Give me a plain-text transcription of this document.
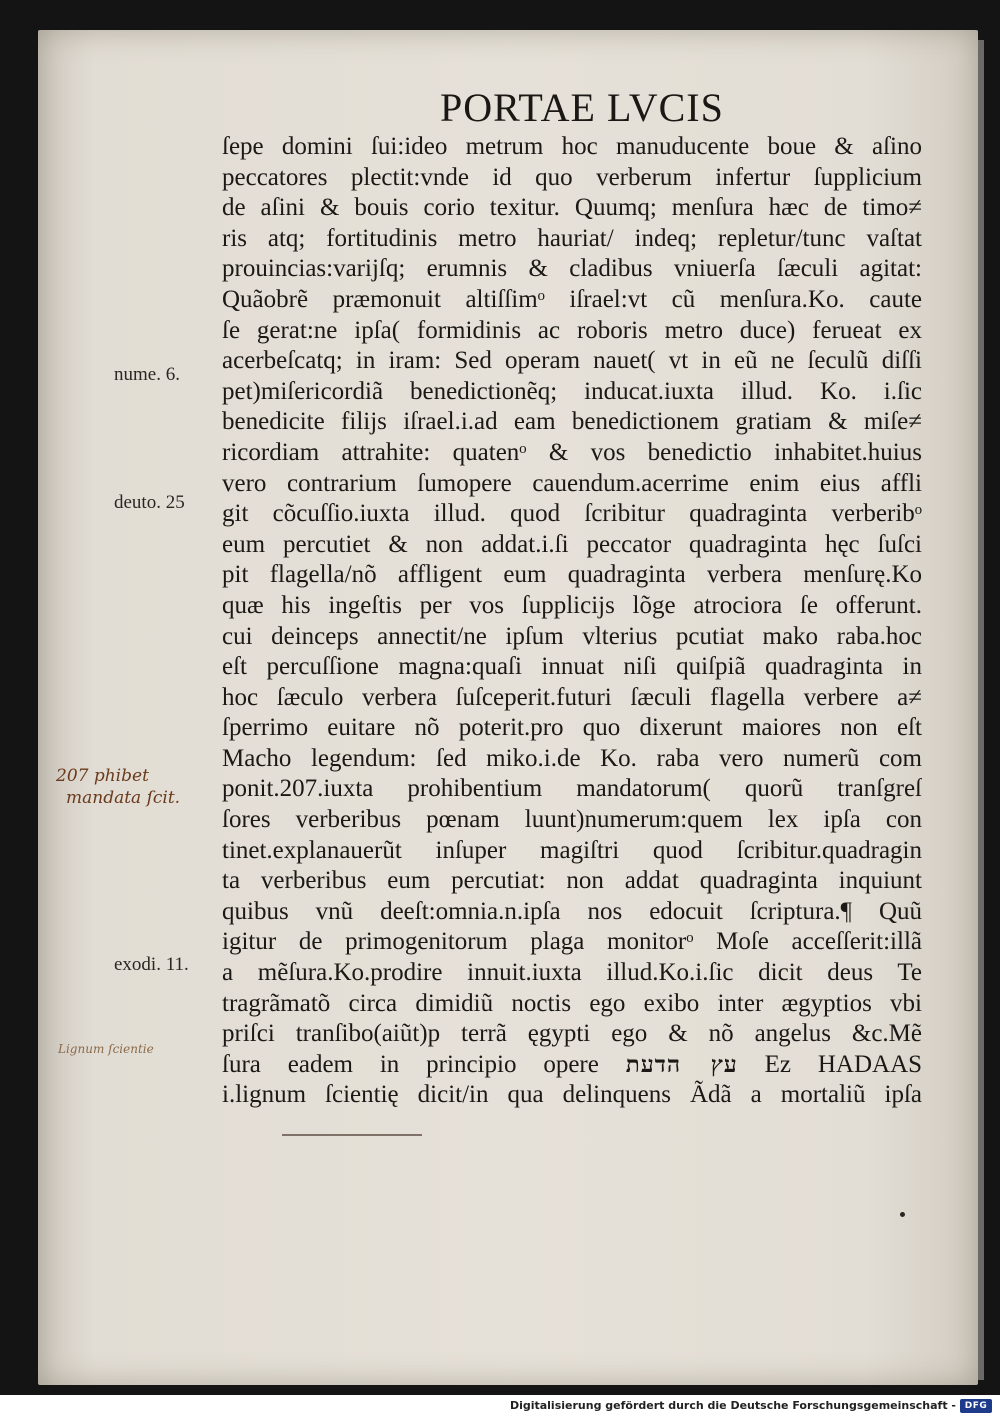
PORTAE LVCIS
ſepe domini ſui:ideo metrum hoc manuducente boue & aſino
peccatores plectit:vnde id quo verberum infertur ſupplicium
de aſini & bouis corio texitur. Quumq; menſura hæc de timo≠
ris atq; fortitudinis metro hauriat/ indeq; repletur/tunc vaſtat
prouincias:varijſq; erumnis & cladibus vniuerſa ſæculi agitat:
Quãobrẽ præmonuit altiſſimᵒ iſrael:vt cũ menſura.Ko. caute
ſe gerat:ne ipſa( formidinis ac roboris metro duce) ferueat ex
acerbeſcatq; in iram: Sed operam nauet( vt in eũ ne ſeculũ diſſi
pet)miſericordiã benedictionẽq; inducat.iuxta illud. Ko. i.ſic
benedicite filijs iſrael.i.ad eam benedictionem gratiam & miſe≠
ricordiam attrahite: quatenᵒ & vos benedictio inhabitet.huius
vero contrarium ſumopere cauendum.acerrime enim eius affli
git cõcuſſio.iuxta illud. quod ſcribitur quadraginta verberibᵒ
eum percutiet & non addat.i.ſi peccator quadraginta hęc ſuſci
pit flagella/nõ affligent eum quadraginta verbera menſurę.Ko
quæ his ingeſtis per vos ſupplicijs lõge atrociora ſe offerunt.
cui deinceps annectit/ne ipſum vlterius pcutiat mako raba.hoc
eſt percuſſione magna:quaſi innuat niſi quiſpiã quadraginta in
hoc ſæculo verbera ſuſceperit.futuri ſæculi flagella verbere a≠
ſperrimo euitare nõ poterit.pro quo dixerunt maiores non eſt
Macho legendum: ſed miko.i.de Ko. raba vero numerũ com
ponit.207.iuxta prohibentium mandatorum( quorũ tranſgreſ
ſores verberibus pœnam luunt)numerum:quem lex ipſa con
tinet.explanauerũt inſuper magiſtri quod ſcribitur.quadragin
ta verberibus eum percutiat: non addat quadraginta inquiunt
quibus vnũ deeſt:omnia.n.ipſa nos edocuit ſcriptura.¶ Quũ
igitur de primogenitorum plaga monitorᵒ Moſe acceſſerit:illã
a mẽſura.Ko.prodire innuit.iuxta illud.Ko.i.ſic dicit deus Te
tragrãmatõ circa dimidiũ noctis ego exibo inter ægyptios vbi
priſci tranſibo(aiũt)p terrã ęgypti ego & nõ angelus &c.Mẽ
ſura eadem in principio opere עץ הדעת Ez HADAAS
i.lignum ſcientię dicit/in qua delinquens Ãdã a mortaliũ ipſa
nume. 6.
deuto. 25
exodi. 11.
207 phibet
mandata ſcit.
Lignum ſcientie
Digitalisierung gefördert durch die Deutsche Forschungsgemeinschaft - DFG
